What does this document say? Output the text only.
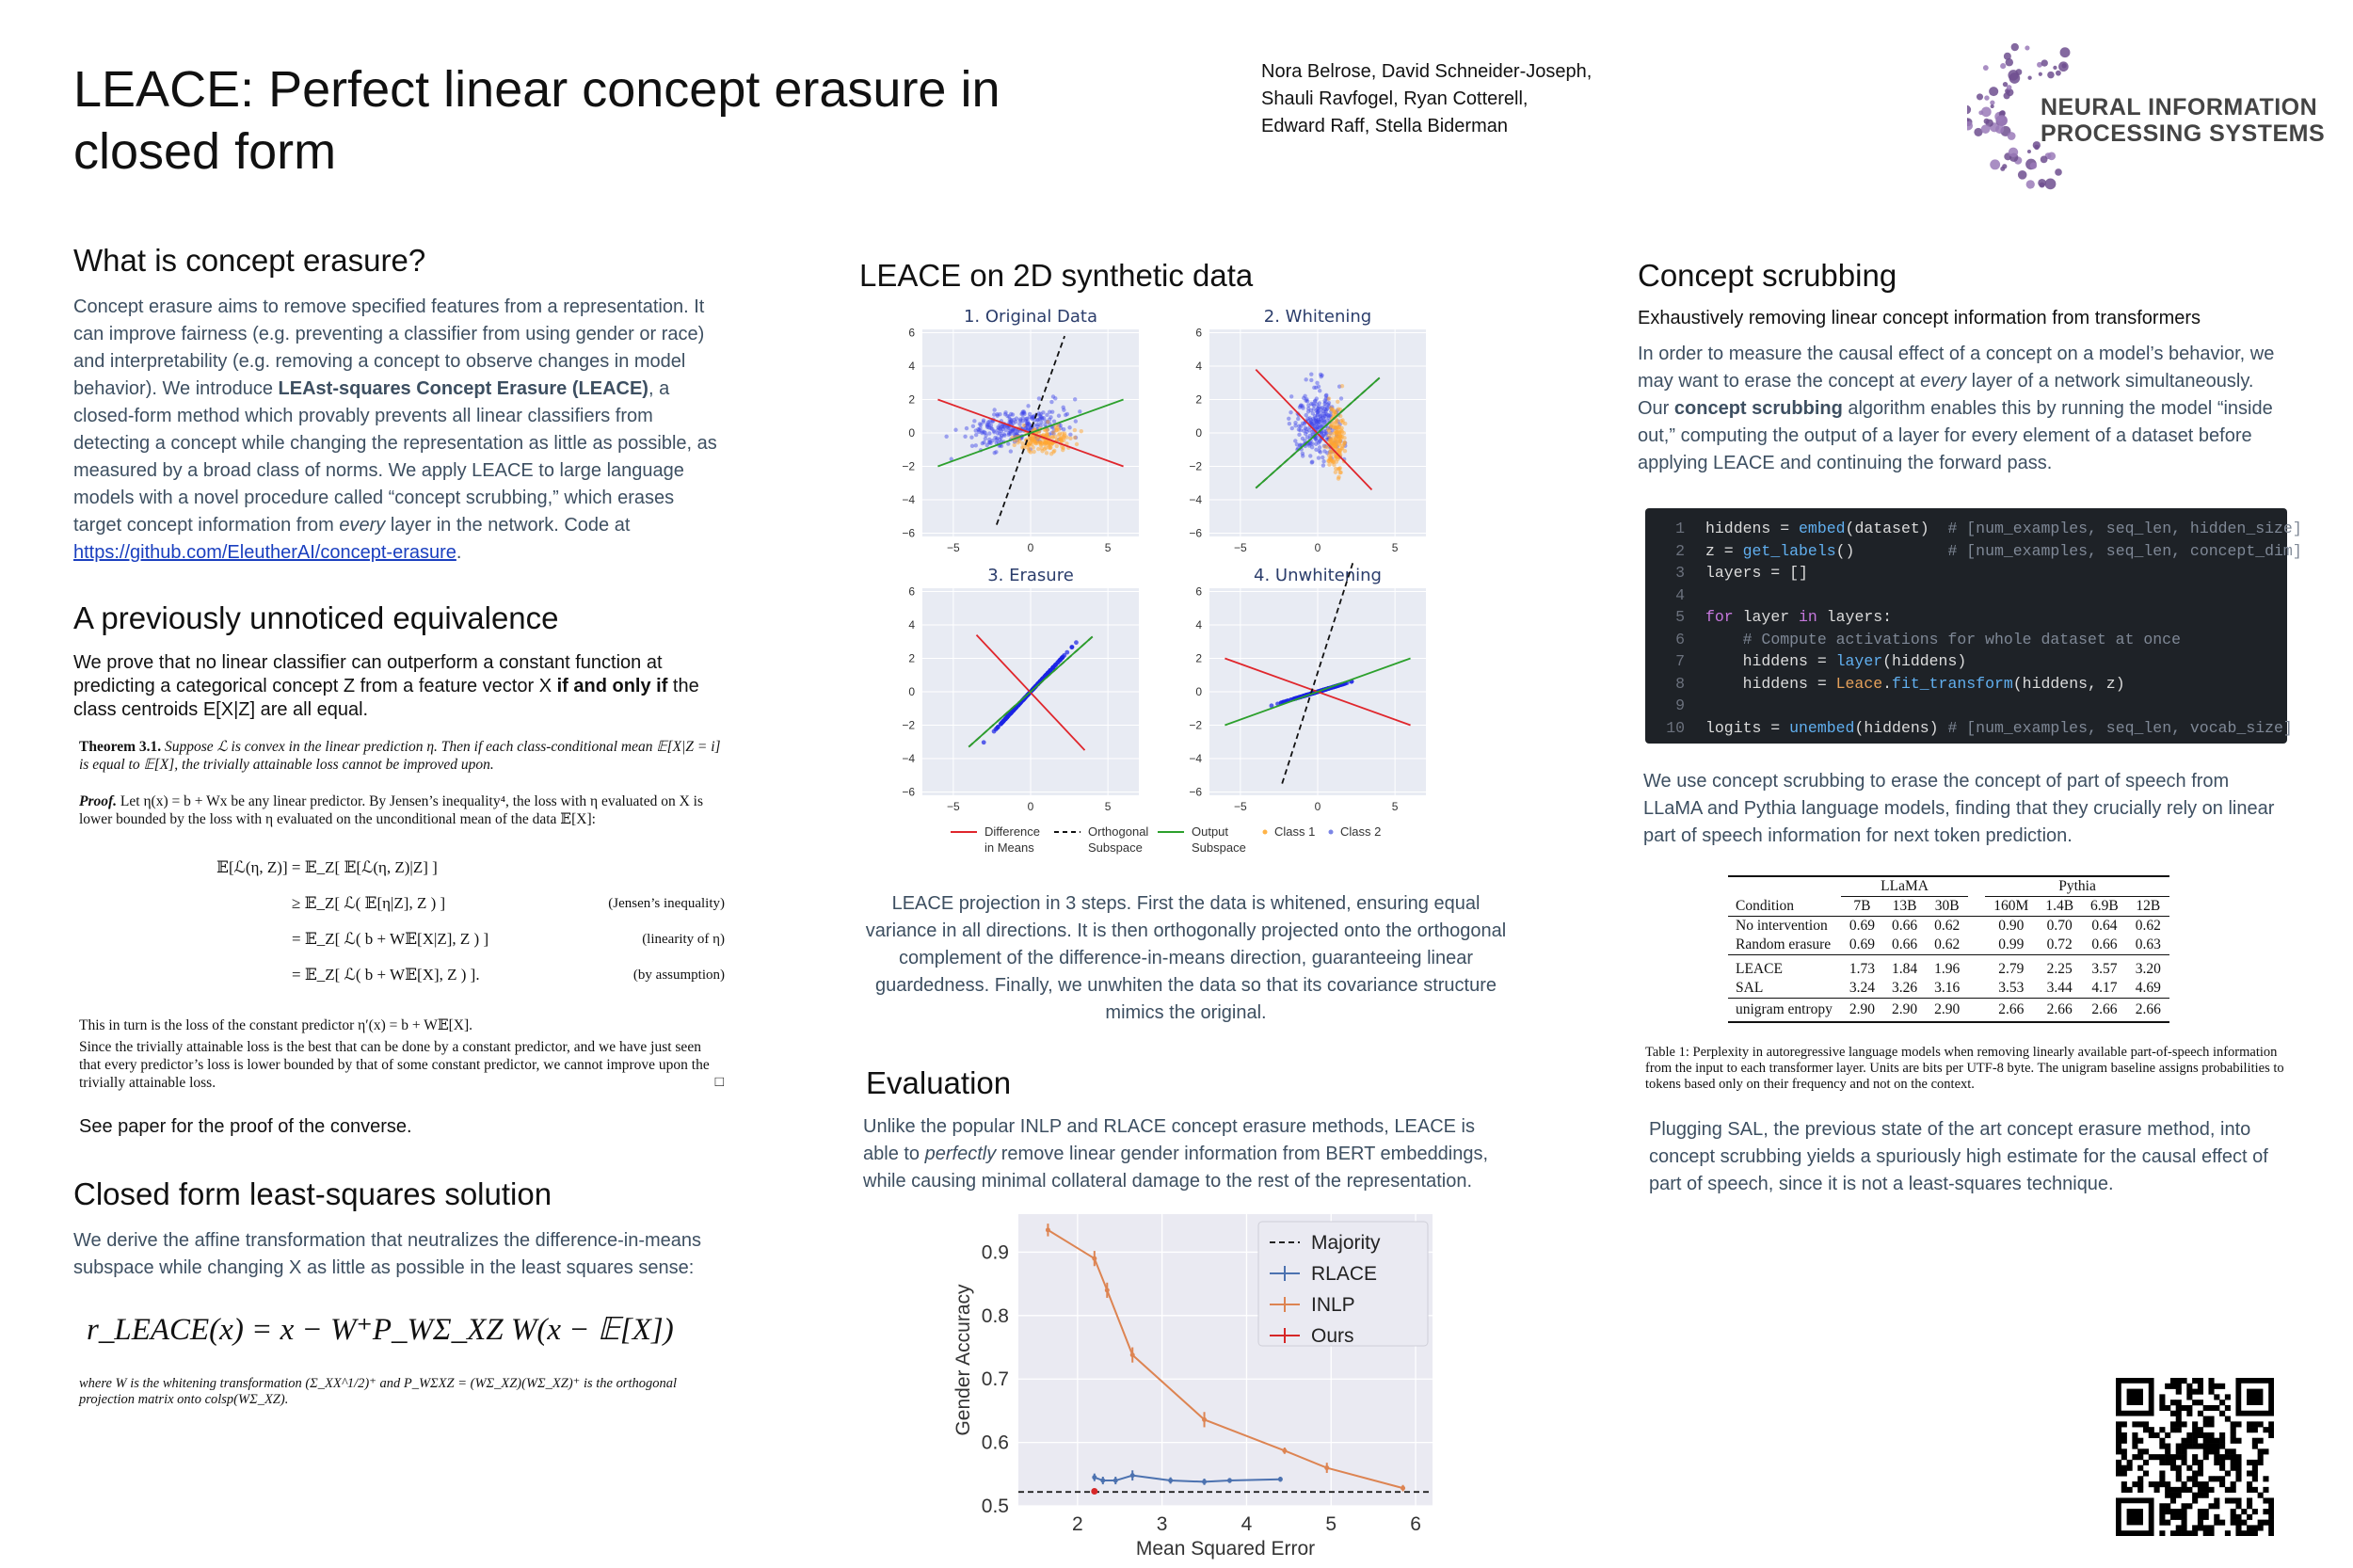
LEACE: Perfect linear concept erasure in closed form
Nora Belrose, David Schneider-Joseph,
Shauli Ravfogel, Ryan Cotterell,
Edward Raff, Stella Biderman
NEURAL INFORMATION
PROCESSING SYSTEMS
What is concept erasure?
Concept erasure aims to remove specified features from a representation. It can improve fairness (e.g. preventing a classifier from using gender or race) and interpretability (e.g. removing a concept to observe changes in model behavior). We introduce LEAst-squares Concept Erasure (LEACE), a closed-form method which provably prevents all linear classifiers from detecting a concept while changing the representation as little as possible, as measured by a broad class of norms. We apply LEACE to large language models with a novel procedure called “concept scrubbing,” which erases target concept information from every layer in the network. Code at https://github.com/EleutherAI/concept-erasure.
A previously unnoticed equivalence
We prove that no linear classifier can outperform a constant function at predicting a categorical concept Z from a feature vector X if and only if the class centroids E[X|Z] are all equal.
Theorem 3.1. Suppose ℒ is convex in the linear prediction η. Then if each class-conditional mean 𝔼[X|Z = i] is equal to 𝔼[X], the trivially attainable loss cannot be improved upon.
Proof. Let η(x) = b + Wx be any linear predictor. By Jensen’s inequality⁴, the loss with η evaluated on X is lower bounded by the loss with η evaluated on the unconditional mean of the data 𝔼[X]:
𝔼[ℒ(η, Z)] = 𝔼_Z[ 𝔼[ℒ(η, Z)|Z] ]
≥ 𝔼_Z[ ℒ( 𝔼[η|Z], Z ) ]	(Jensen’s inequality)
= 𝔼_Z[ ℒ( b + W𝔼[X|Z], Z ) ]	(linearity of η)
= 𝔼_Z[ ℒ( b + W𝔼[X], Z ) ].	(by assumption)
This in turn is the loss of the constant predictor η′(x) = b + W𝔼[X].
Since the trivially attainable loss is the best that can be done by a constant predictor, and we have just seen that every predictor’s loss is lower bounded by that of some constant predictor, we cannot improve upon the trivially attainable loss.	□
See paper for the proof of the converse.
Closed form least-squares solution
We derive the affine transformation that neutralizes the difference-in-means subspace while changing X as little as possible in the least squares sense:
r_LEACE(x) = x − W⁺P_WΣ_XZ W(x − 𝔼[X])
where W is the whitening transformation (Σ_XX^1/2)⁺ and P_WΣXZ = (WΣ_XZ)(WΣ_XZ)⁺ is the orthogonal projection matrix onto colsp(WΣ_XZ).
LEACE on 2D synthetic data
1. Original Data
6
4
2
0
−2
−4
−6
−5	0	5
2. Whitening
6
4
2
0
−2
−4
−6
−5	0	5
3. Erasure
6
4
2
0
−2
−4
−6
−5	0	5
4. Unwhitening
6
4
2
0
−2
−4
−6
−5	0	5
Difference
in Means
Orthogonal
Subspace
Output
Subspace
Class 1 Class 2
LEACE projection in 3 steps. First the data is whitened, ensuring equal variance in all directions. It is then orthogonally projected onto the orthogonal complement of the difference-in-means direction, guaranteeing linear guardedness. Finally, we unwhiten the data so that its covariance structure mimics the original.
Evaluation
Unlike the popular INLP and RLACE concept erasure methods, LEACE is able to perfectly remove linear gender information from BERT embeddings, while causing minimal collateral damage to the rest of the representation.
0.5
0.6
0.7
0.8
0.9
2	3	4	5	6
Mean Squared Error
Gender Accuracy
Majority
RLACE
INLP
Ours
Concept scrubbing
Exhaustively removing linear concept information from transformers
In order to measure the causal effect of a concept on a model’s behavior, we may want to erase the concept at every layer of a network simultaneously. Our concept scrubbing algorithm enables this by running the model “inside out,” computing the output of a layer for every element of a dataset before applying LEACE and continuing the forward pass.
1 hiddens = embed(dataset)  # [num_examples, seq_len, hidden_size]
2 z = get_labels()          # [num_examples, seq_len, concept_dim]
3 layers = []
4
5 for layer in layers:
6	# Compute activations for whole dataset at once
7    hiddens = layer(hiddens)
8    hiddens = Leace.fit_transform(hiddens, z)
9
10 logits = unembed(hiddens) # [num_examples, seq_len, vocab_size]
We use concept scrubbing to erase the concept of part of speech from LLaMA and Pythia language models, finding that they crucially rely on linear part of speech information for next token prediction.
	LLaMA				Pythia			
Condition	7B	13B	30B		160M	1.4B	6.9B	12B
No intervention	0.69	0.66	0.62		0.90	0.70	0.64	0.62
Random erasure	0.69	0.66	0.62		0.99	0.72	0.66	0.63
LEACE	1.73	1.84	1.96		2.79	2.25	3.57	3.20
SAL	3.24	3.26	3.16		3.53	3.44	4.17	4.69
unigram entropy	2.90	2.90	2.90		2.66	2.66	2.66	2.66
Table 1: Perplexity in autoregressive language models when removing linearly available part-of-speech information from the input to each transformer layer. Units are bits per UTF-8 byte. The unigram baseline assigns probabilities to tokens based only on their frequency and not on the context.
Plugging SAL, the previous state of the art concept erasure method, into concept scrubbing yields a spuriously high estimate for the causal effect of part of speech, since it is not a least-squares technique.
